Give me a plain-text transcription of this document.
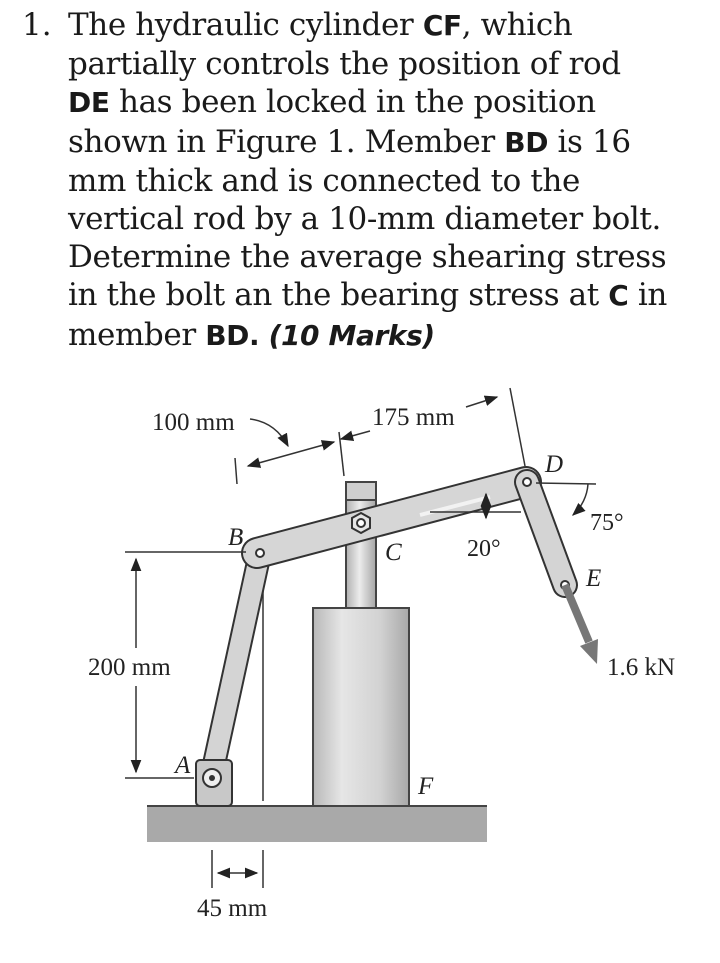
1. The hydraulic cylinder CF, which
partially controls the position of rod
DE has been locked in the position
shown in Figure 1. Member BD is 16
mm thick and is connected to the
vertical rod by a 10-mm diameter bolt.
Determine the average shearing stress
in the bolt an the bearing stress at C in
member BD. (10 Marks)
100 mm	175 mm
200 mm
45 mm
20°
75°
1.6 kN
A
B
C
D
E
F
